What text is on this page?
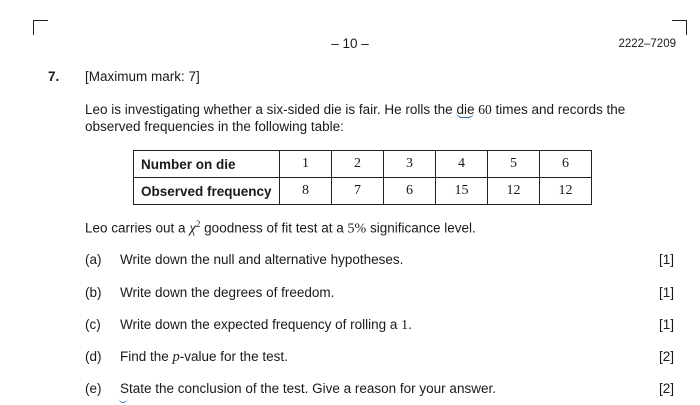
– 10 –	2222–7209
7. [Maximum mark: 7]
Leo is investigating whether a six-sided die is fair. He rolls the die 60 times and records the observed frequencies in the following table:
Number on die	1	2	3	4	5	6
Observed frequency	8	7	6	15	12	12
Leo carries out a $\chi^2$ goodness of fit test at a 5% significance level.
(a) Write down the null and alternative hypotheses.	[1]
(b) Write down the degrees of freedom.	[1]
(c) Write down the expected frequency of rolling a 1.	[1]
(d) Find the p-value for the test.	[2]
(e) State the conclusion of the test. Give a reason for your answer.	[2]
